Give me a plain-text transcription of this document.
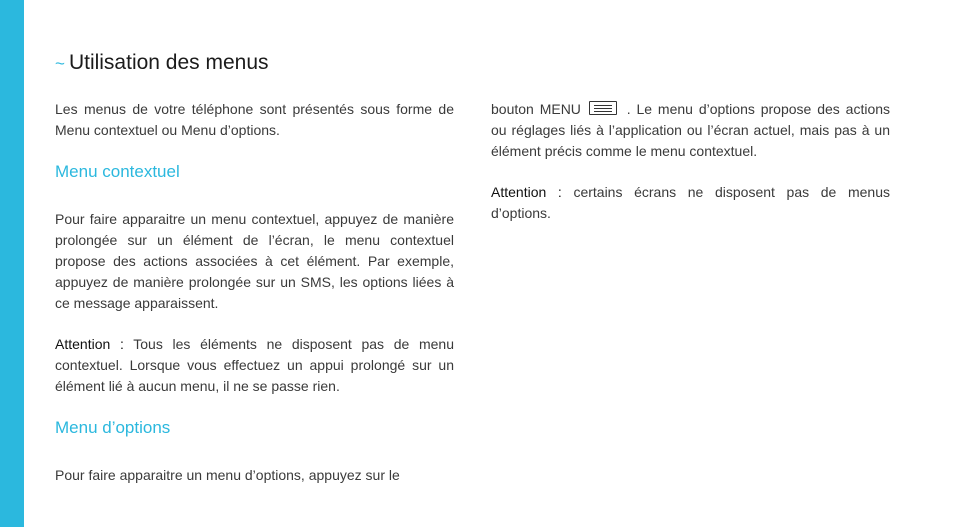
~ Utilisation des menus

Les menus de votre téléphone sont présentés sous forme de Menu contextuel ou Menu d’options.

Menu contextuel

Pour faire apparaitre un menu contextuel, appuyez de manière prolongée sur un élément de l’écran, le menu contextuel propose des actions associées à cet élément. Par exemple, appuyez de manière prolongée sur un SMS, les options liées à ce message apparaissent.

Attention : Tous les éléments ne disposent pas de menu contextuel. Lorsque vous effectuez un appui prolongé sur un élément lié à aucun menu, il ne se passe rien.

Menu d’options

Pour faire apparaitre un menu d’options, appuyez sur le

bouton MENU	. Le menu d’options propose des actions ou réglages liés à l’application ou l’écran actuel, mais pas à un élément précis comme le menu contextuel.

Attention : certains écrans ne disposent pas de menus d’options.
